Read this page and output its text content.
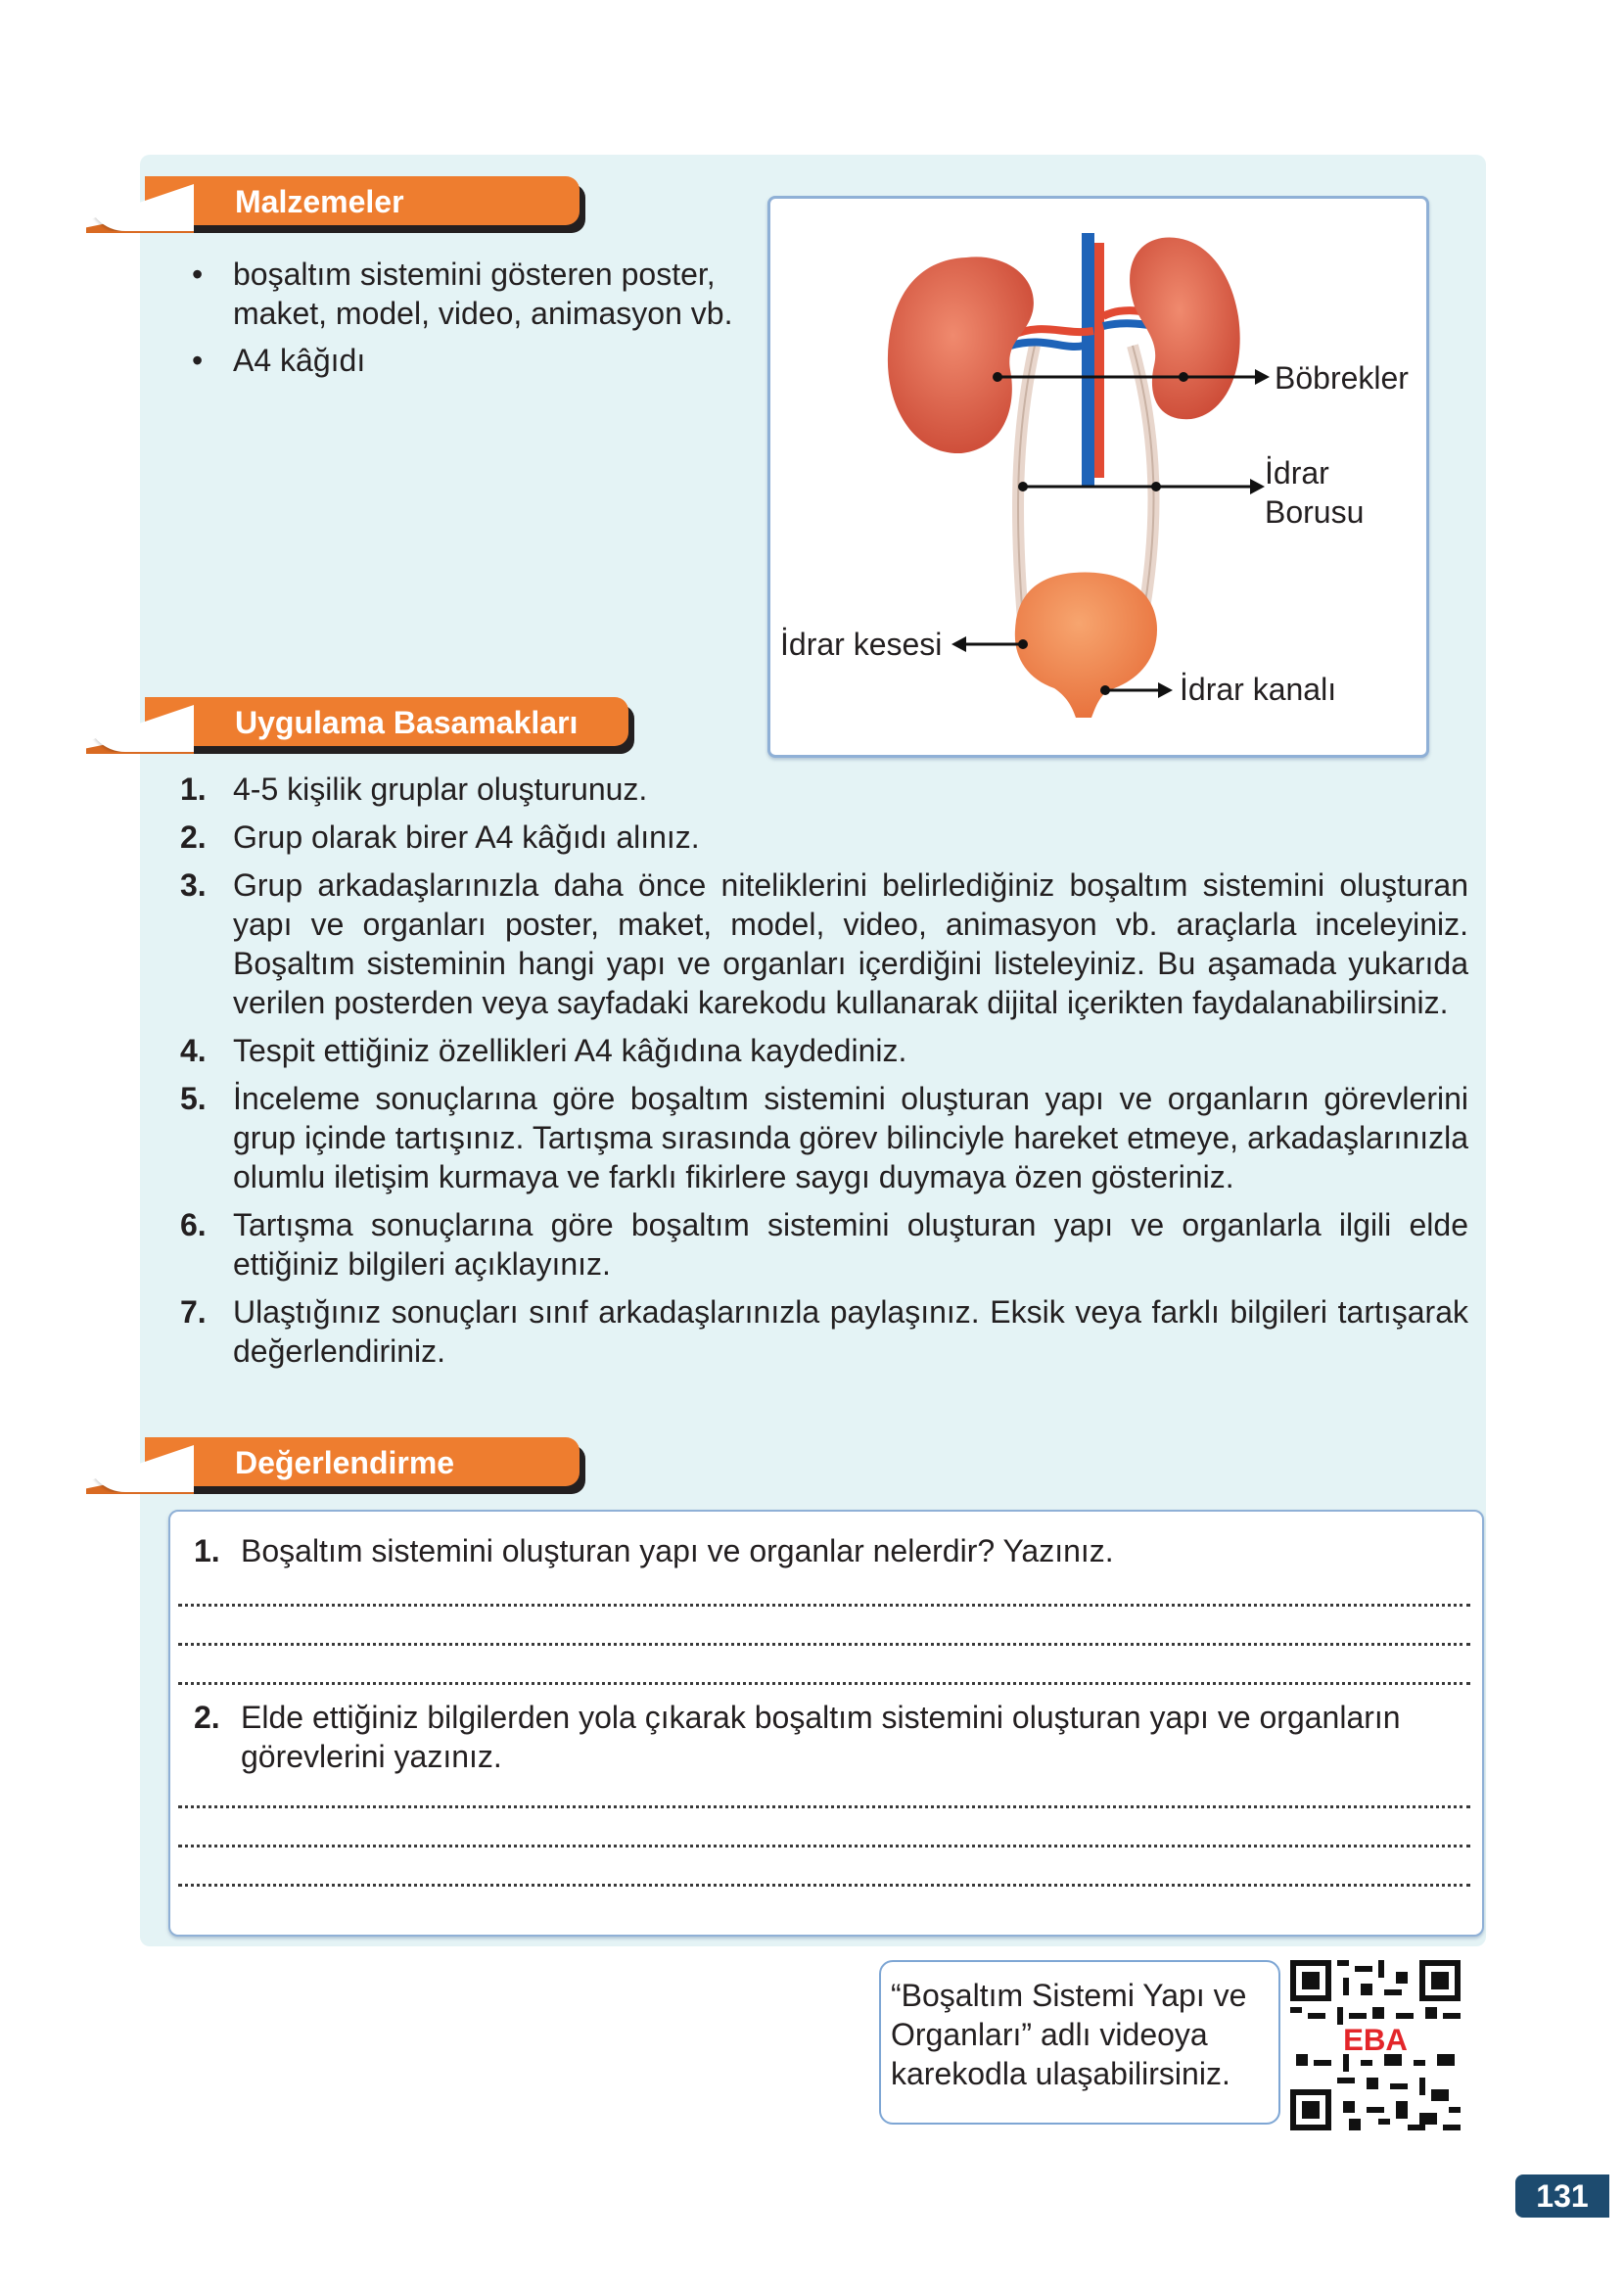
Malzemeler
• boşaltım sistemini gösteren poster, maket, model, video, animasyon vb.
• A4 kâğıdı	Böbrekler
İdrar
Borusu
İdrar kesesi
İdrar kanalı
Uygulama Basamakları
1. 4-5 kişilik gruplar oluşturunuz.
2. Grup olarak birer A4 kâğıdı alınız.
3. Grup arkadaşlarınızla daha önce niteliklerini belirlediğiniz boşaltım sistemini oluşturan yapı ve organları poster, maket, model, video, animasyon vb. araçlarla inceleyiniz. Boşaltım sisteminin hangi yapı ve organları içerdiğini listeleyiniz. Bu aşamada yukarıda verilen posterden veya sayfadaki karekodu kullanarak dijital içerikten faydalanabilirsiniz.
4. Tespit ettiğiniz özellikleri A4 kâğıdına kaydediniz.
5. İnceleme sonuçlarına göre boşaltım sistemini oluşturan yapı ve organların görevlerini grup içinde tartışınız. Tartışma sırasında görev bilinciyle hareket etmeye, arkadaşlarınızla olumlu iletişim kurmaya ve farklı fikirlere saygı duymaya özen gösteriniz.
6. Tartışma sonuçlarına göre boşaltım sistemini oluşturan yapı ve organlarla ilgili elde ettiğiniz bilgileri açıklayınız.
7. Ulaştığınız sonuçları sınıf arkadaşlarınızla paylaşınız. Eksik veya farklı bilgileri tartışarak değerlendiriniz.
Değerlendirme
1. Boşaltım sistemini oluşturan yapı ve organlar nelerdir? Yazınız.
2. Elde ettiğiniz bilgilerden yola çıkarak boşaltım sistemini oluşturan yapı ve organların görevlerini yazınız.
“Boşaltım Sistemi Yapı ve Organları” adlı videoya karekodla ulaşabilirsiniz.
EBA
131
